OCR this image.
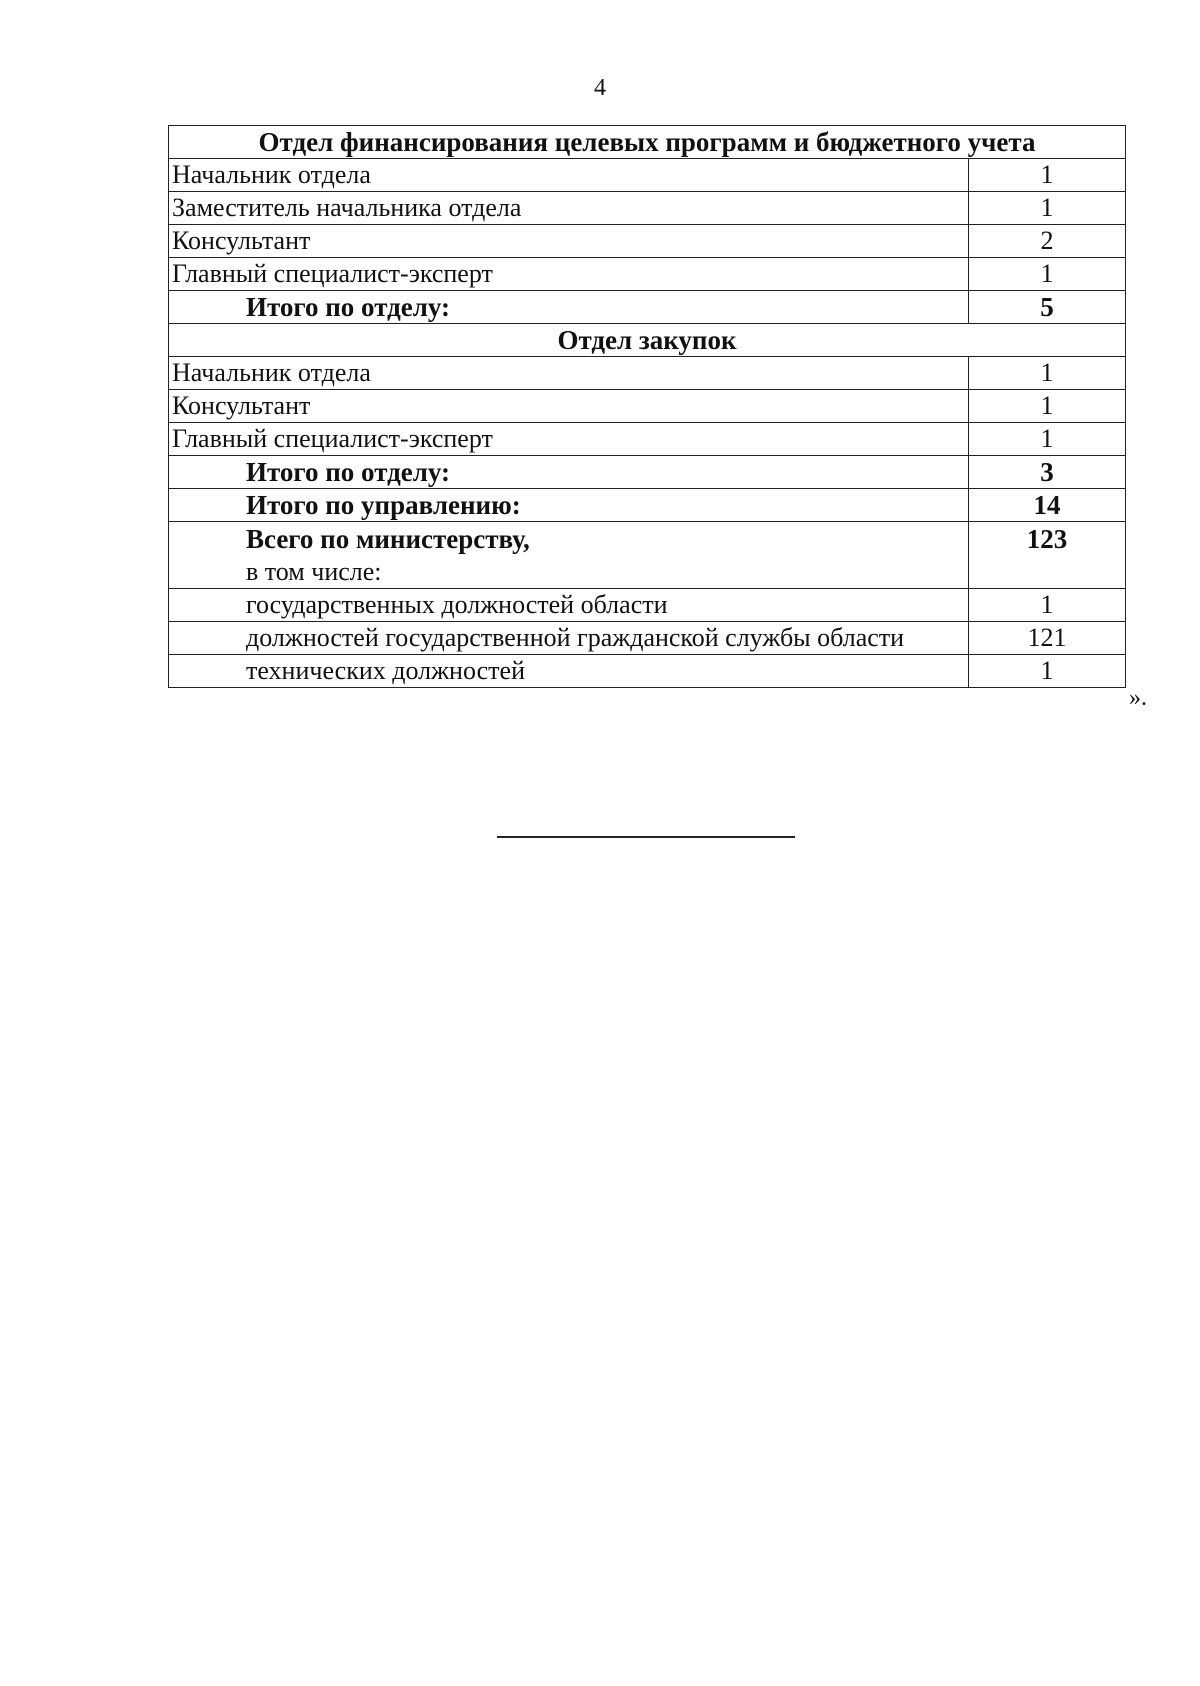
4
Отдел финансирования целевых программ и бюджетного учета	
Начальник отдела	1
Заместитель начальника отдела	1
Консультант	2
Главный специалист-эксперт	1
Итого по отделу:	5
Отдел закупок	
Начальник отдела	1
Консультант	1
Главный специалист-эксперт	1
Итого по отделу:	3
Итого по управлению:	14

Всего по министерству,
в том числе:	123

государственных должностей области	1
должностей государственной гражданской службы области	121
технических должностей	1
».
